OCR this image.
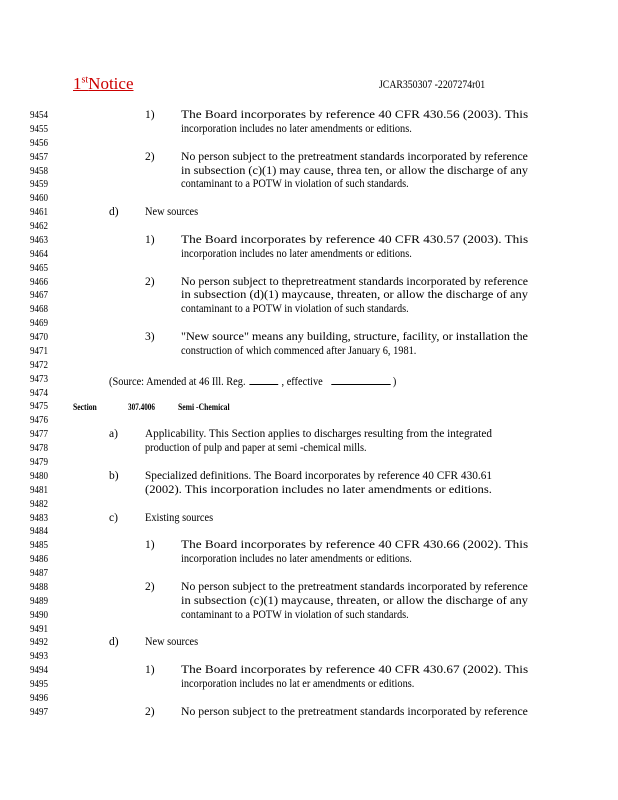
1stNotice	JCAR350307 -2207274r01
9454	1) The Board incorporates by reference 40 CFR 430.56 (2003). This
9455	incorporation includes no later amendments or editions.
9456
9457	2) No person subject to the pretreatment standards incorporated by reference
9458	in subsection (c)(1) may cause, threa ten, or allow the discharge of any
9459	contaminant to a POTW in violation of such standards.
9460
9461	d) New sources
9462
9463	1) The Board incorporates by reference 40 CFR 430.57 (2003). This
9464	incorporation includes no later amendments or editions.
9465
9466	2) No person subject to thepretreatment standards incorporated by reference
9467	in subsection (d)(1) maycause, threaten, or allow the discharge of any
9468	contaminant to a POTW in violation of such standards.
9469
9470	3) "New source" means any building, structure, facility, or installation the
9471	construction of which commenced after January 6, 1981.
9472
9473	(Source: Amended at 46 Ill. Reg.	, effective	)
9474
9475	Section	307.4006	Semi -Chemical
9476
9477	a) Applicability. This Section applies to discharges resulting from the integrated
9478	production of pulp and paper at semi -chemical mills.
9479
9480	b) Specialized definitions. The Board incorporates by reference 40 CFR 430.61
9481	(2002). This incorporation includes no later amendments or editions.
9482
9483	c) Existing sources
9484
9485	1) The Board incorporates by reference 40 CFR 430.66 (2002). This
9486	incorporation includes no later amendments or editions.
9487
9488	2) No person subject to the pretreatment standards incorporated by reference
9489	in subsection (c)(1) maycause, threaten, or allow the discharge of any
9490	contaminant to a POTW in violation of such standards.
9491
9492	d) New sources
9493
9494	1) The Board incorporates by reference 40 CFR 430.67 (2002). This
9495	incorporation includes no lat er amendments or editions.
9496
9497	2) No person subject to the pretreatment standards incorporated by reference
